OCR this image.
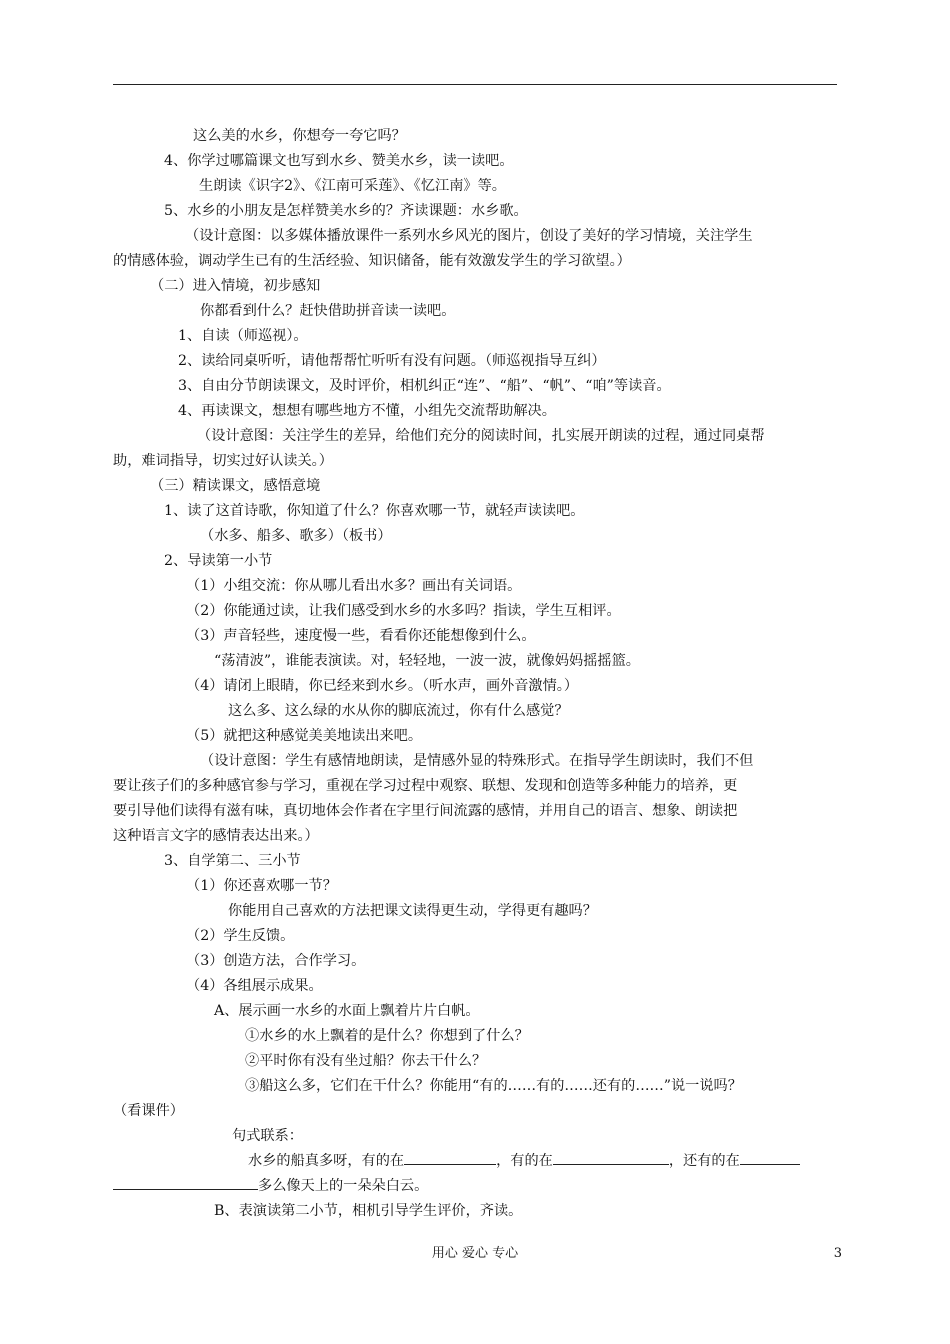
这么美的水乡，你想夸一夸它吗？
4、你学过哪篇课文也写到水乡、赞美水乡，读一读吧。
生朗读《识字2》、《江南可采莲》、《忆江南》等。
5、水乡的小朋友是怎样赞美水乡的？齐读课题：水乡歌。
（设计意图：以多媒体播放课件一系列水乡风光的图片，创设了美好的学习情境，关注学生
的情感体验，调动学生已有的生活经验、知识储备，能有效激发学生的学习欲望。）
（二）进入情境，初步感知
你都看到什么？赶快借助拼音读一读吧。
1、自读（师巡视）。
2、读给同桌听听，请他帮帮忙听听有没有问题。（师巡视指导互纠）
3、自由分节朗读课文，及时评价，相机纠正“连”、“船”、“帆”、“咱”等读音。
4、再读课文，想想有哪些地方不懂，小组先交流帮助解决。
（设计意图：关注学生的差异，给他们充分的阅读时间，扎实展开朗读的过程，通过同桌帮
助，难词指导，切实过好认读关。）
（三）精读课文，感悟意境
1、读了这首诗歌，你知道了什么？你喜欢哪一节，就轻声读读吧。
（水多、船多、歌多）（板书）
2、导读第一小节
（1）小组交流：你从哪儿看出水多？画出有关词语。
（2）你能通过读，让我们感受到水乡的水多吗？指读，学生互相评。
（3）声音轻些，速度慢一些，看看你还能想像到什么。
“荡清波”，谁能表演读。对，轻轻地，一波一波，就像妈妈摇摇篮。
（4）请闭上眼睛，你已经来到水乡。（听水声，画外音激情。）
这么多、这么绿的水从你的脚底流过，你有什么感觉？
（5）就把这种感觉美美地读出来吧。
（设计意图：学生有感情地朗读，是情感外显的特殊形式。在指导学生朗读时，我们不但
要让孩子们的多种感官参与学习，重视在学习过程中观察、联想、发现和创造等多种能力的培养，更
要引导他们读得有滋有味，真切地体会作者在字里行间流露的感情，并用自己的语言、想象、朗读把
这种语言文字的感情表达出来。）
3、自学第二、三小节
（1）你还喜欢哪一节？
你能用自己喜欢的方法把课文读得更生动，学得更有趣吗？
（2）学生反馈。
（3）创造方法，合作学习。
（4）各组展示成果。
A、展示画一水乡的水面上飘着片片白帆。
①水乡的水上飘着的是什么？你想到了什么？
②平时你有没有坐过船？你去干什么？
③船这么多，它们在干什么？你能用“有的……有的……还有的……”说一说吗？
（看课件）
句式联系：
水乡的船真多呀，有的在	，有的在	，还有的在
多么像天上的一朵朵白云。
B、表演读第二小节，相机引导学生评价，齐读。
用心 爱心 专心	3
